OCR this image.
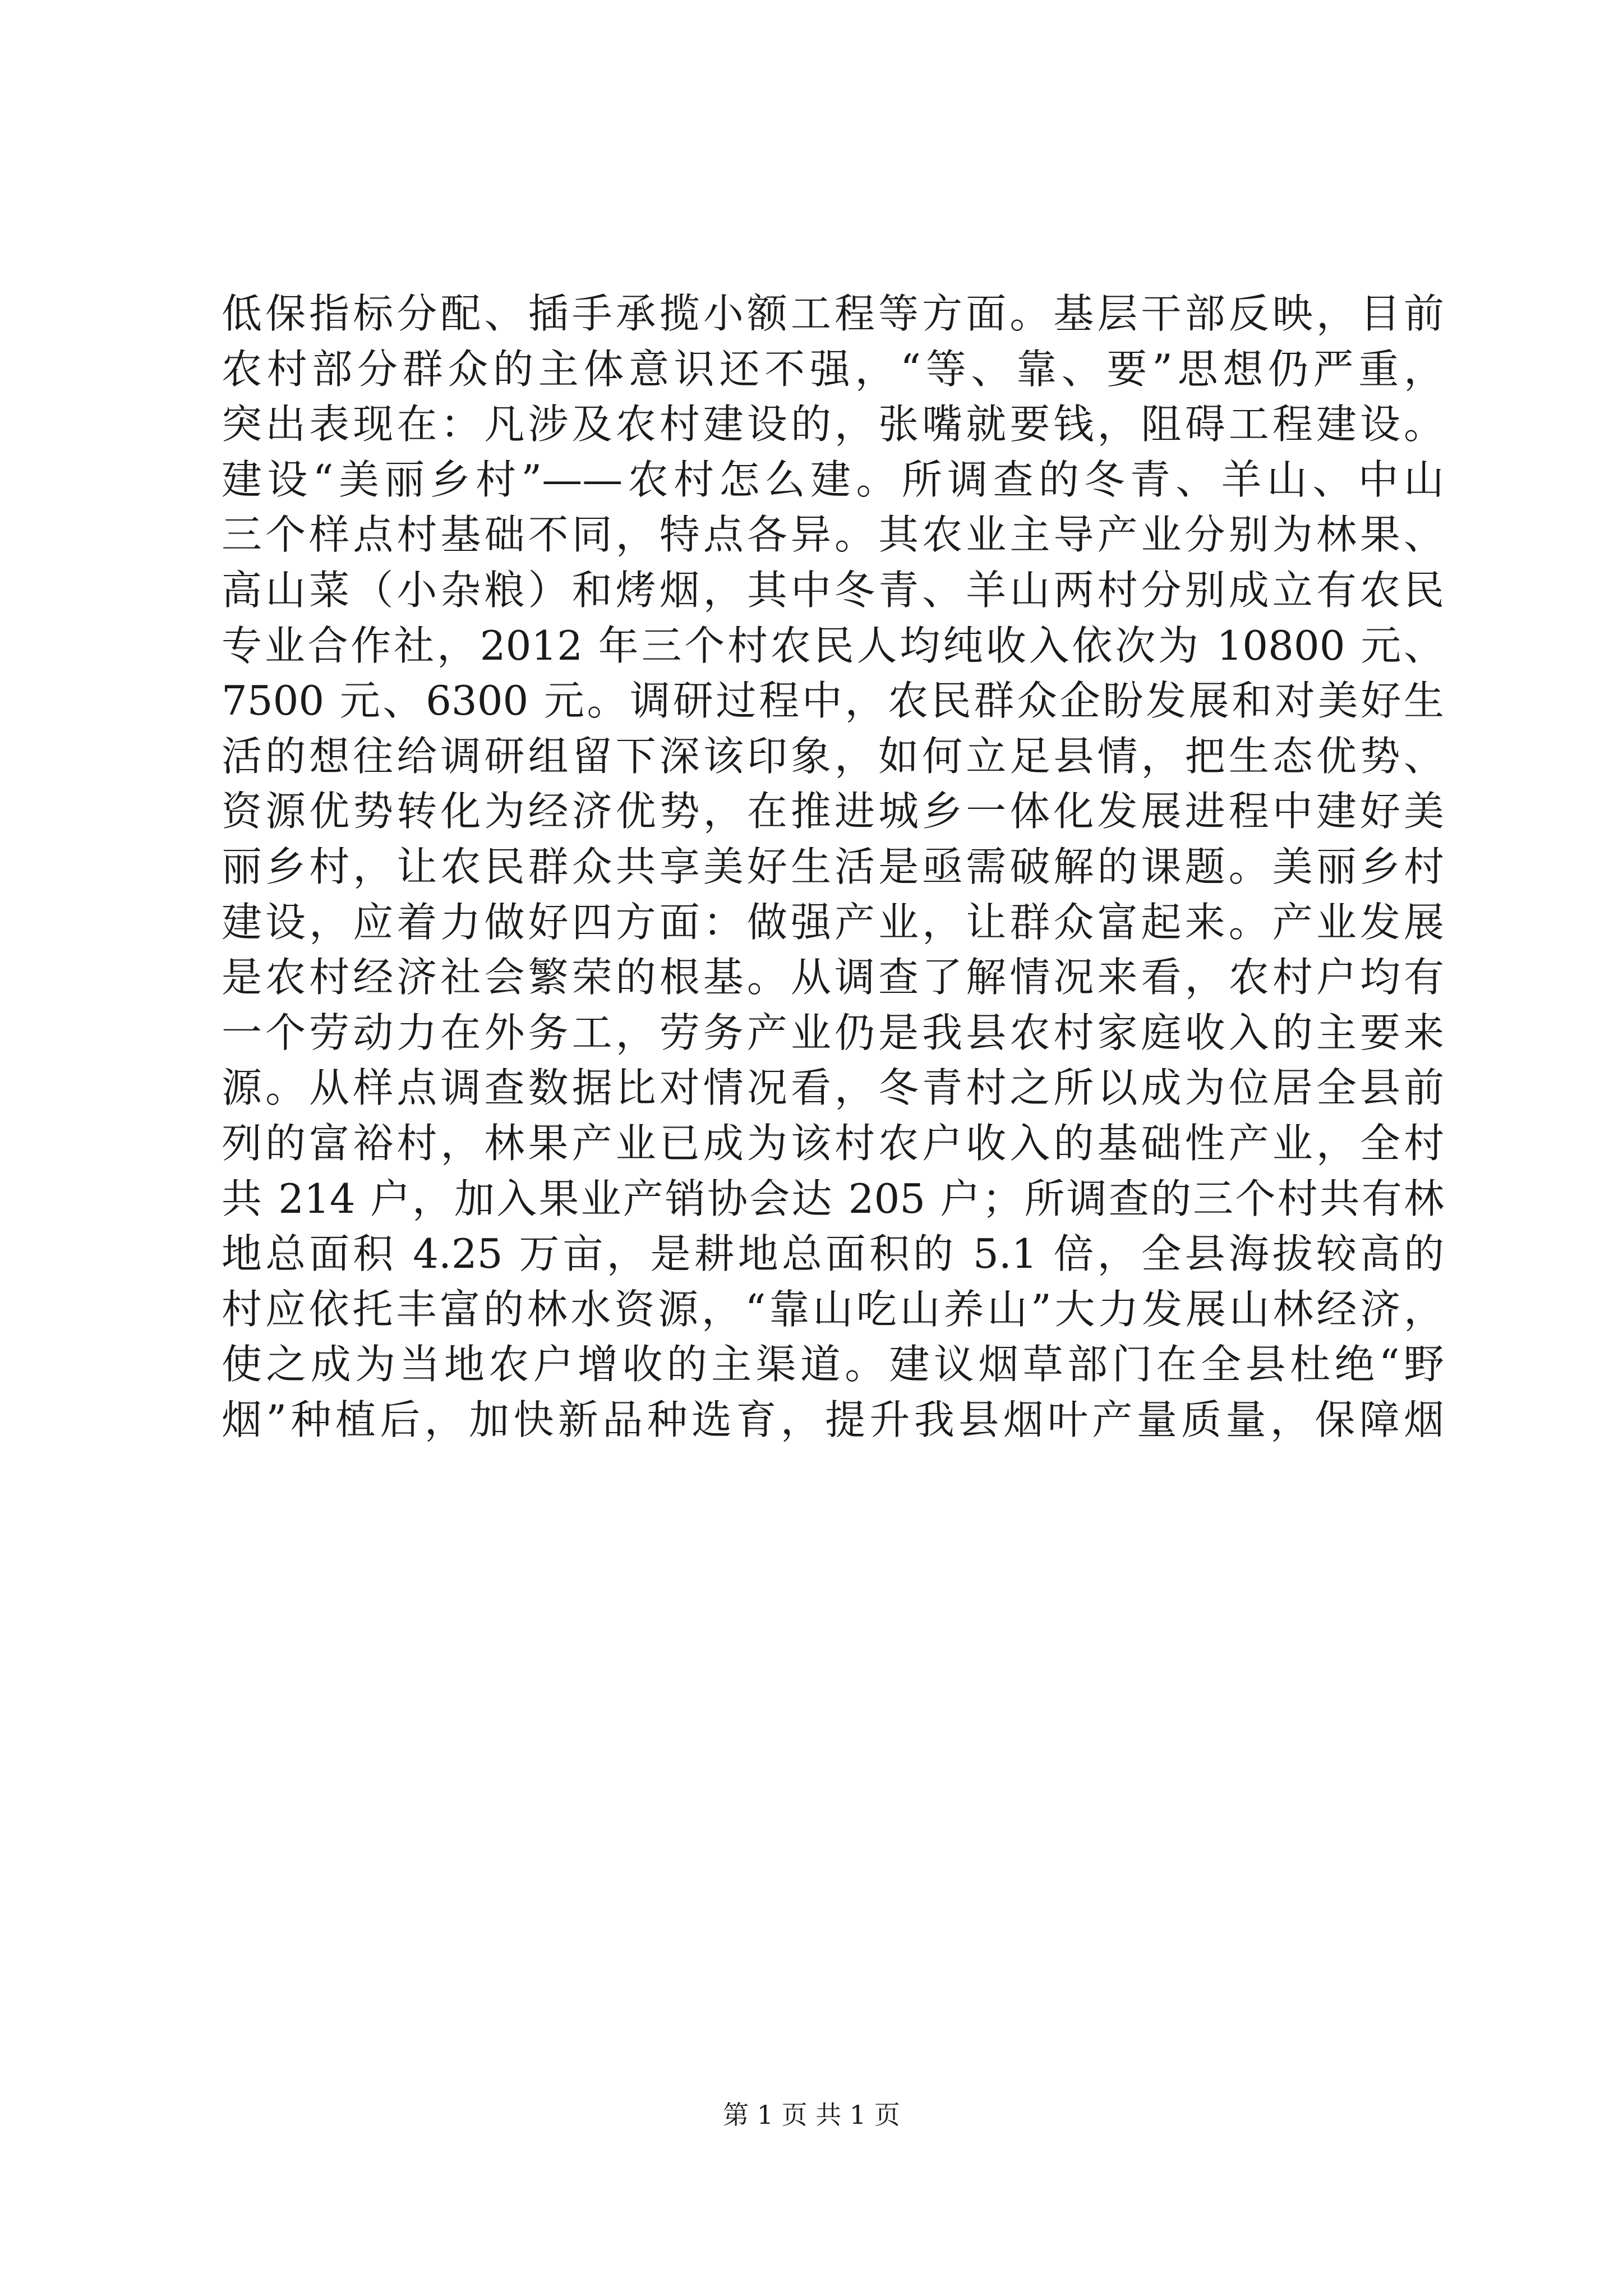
低保指标分配、插手承揽小额工程等方面。基层干部反映，目前
农村部分群众的主体意识还不强，“等、靠、要”思想仍严重，
突出表现在：凡涉及农村建设的，张嘴就要钱，阻碍工程建设。
建设“美丽乡村”——农村怎么建。所调查的冬青、羊山、中山
三个样点村基础不同，特点各异。其农业主导产业分别为林果、
高山菜（小杂粮）和烤烟，其中冬青、羊山两村分别成立有农民
专业合作社，2012 年三个村农民人均纯收入依次为 10800 元、
7500 元、6300 元。调研过程中，农民群众企盼发展和对美好生
活的想往给调研组留下深该印象，如何立足县情，把生态优势、
资源优势转化为经济优势，在推进城乡一体化发展进程中建好美
丽乡村，让农民群众共享美好生活是亟需破解的课题。美丽乡村
建设，应着力做好四方面：做强产业，让群众富起来。产业发展
是农村经济社会繁荣的根基。从调查了解情况来看，农村户均有
一个劳动力在外务工，劳务产业仍是我县农村家庭收入的主要来
源。从样点调查数据比对情况看，冬青村之所以成为位居全县前
列的富裕村，林果产业已成为该村农户收入的基础性产业，全村
共 214 户，加入果业产销协会达 205 户；所调查的三个村共有林
地总面积 4.25 万亩，是耕地总面积的 5.1 倍，全县海拔较高的
村应依托丰富的林水资源，“靠山吃山养山”大力发展山林经济，
使之成为当地农户增收的主渠道。建议烟草部门在全县杜绝“野
烟”种植后，加快新品种选育，提升我县烟叶产量质量，保障烟
第 1 页 共 1 页
